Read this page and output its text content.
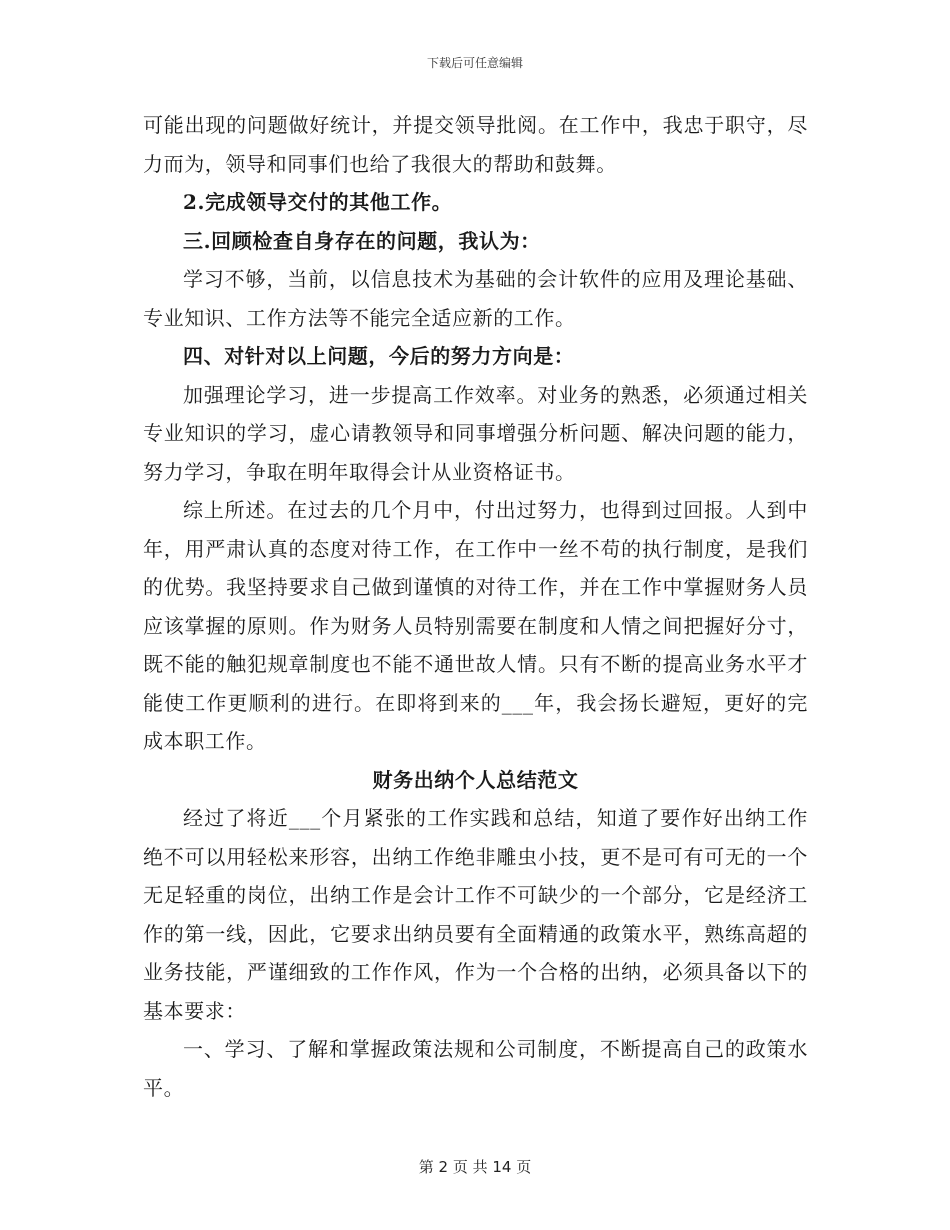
下载后可任意编辑

可能出现的问题做好统计，并提交领导批阅。在工作中，我忠于职守，尽力而为，领导和同事们也给了我很大的帮助和鼓舞。

2.完成领导交付的其他工作。

三.回顾检查自身存在的问题，我认为：

学习不够，当前，以信息技术为基础的会计软件的应用及理论基础、专业知识、工作方法等不能完全适应新的工作。

四、对针对以上问题，今后的努力方向是：

加强理论学习，进一步提高工作效率。对业务的熟悉，必须通过相关专业知识的学习，虚心请教领导和同事增强分析问题、解决问题的能力，努力学习，争取在明年取得会计从业资格证书。

综上所述。在过去的几个月中，付出过努力，也得到过回报。人到中年，用严肃认真的态度对待工作，在工作中一丝不苟的执行制度，是我们的优势。我坚持要求自己做到谨慎的对待工作，并在工作中掌握财务人员应该掌握的原则。作为财务人员特别需要在制度和人情之间把握好分寸，既不能的触犯规章制度也不能不通世故人情。只有不断的提高业务水平才能使工作更顺利的进行。在即将到来的___年，我会扬长避短，更好的完成本职工作。

财务出纳个人总结范文

经过了将近___个月紧张的工作实践和总结，知道了要作好出纳工作绝不可以用轻松来形容，出纳工作绝非雕虫小技，更不是可有可无的一个无足轻重的岗位，出纳工作是会计工作不可缺少的一个部分，它是经济工作的第一线，因此，它要求出纳员要有全面精通的政策水平，熟练高超的业务技能，严谨细致的工作作风，作为一个合格的出纳，必须具备以下的基本要求：

一、学习、了解和掌握政策法规和公司制度，不断提高自己的政策水平。

第 2 页 共 14 页
